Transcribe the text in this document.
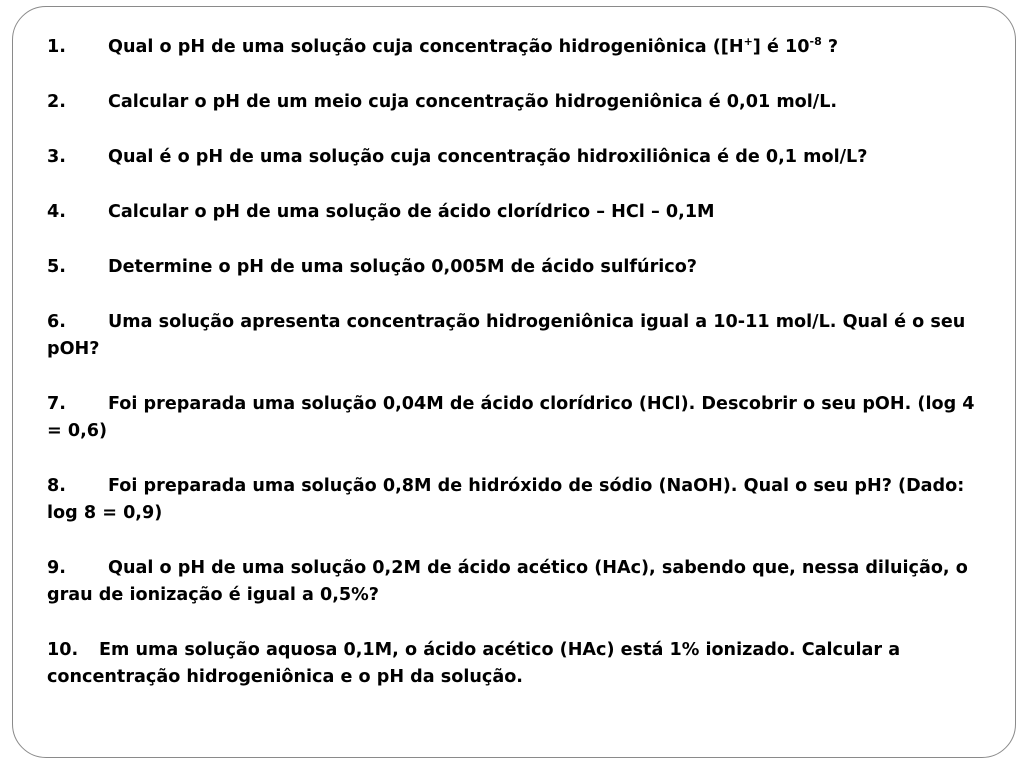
1. Qual o pH de uma solução cuja concentração hidrogeniônica ([H+] é $10^{-8}$ ?
2. Calcular o pH de um meio cuja concentração hidrogeniônica é 0,01 mol/L.
3. Qual é o pH de uma solução cuja concentração hidroxiliônica é de 0,1 mol/L?
4. Calcular o pH de uma solução de ácido clorídrico – HCl – 0,1M
5. Determine o pH de uma solução 0,005M de ácido sulfúrico?
6. Uma solução apresenta concentração hidrogeniônica igual a 10-11 mol/L. Qual é o seu pOH?
7. Foi preparada uma solução 0,04M de ácido clorídrico (HCl). Descobrir o seu pOH. (log 4 = 0,6)
8. Foi preparada uma solução 0,8M de hidróxido de sódio (NaOH). Qual o seu pH? (Dado: log 8 = 0,9)
9. Qual o pH de uma solução 0,2M de ácido acético (HAc), sabendo que, nessa diluição, o grau de ionização é igual a 0,5%?
10. Em uma solução aquosa 0,1M, o ácido acético (HAc) está 1% ionizado. Calcular a concentração hidrogeniônica e o pH da solução.
